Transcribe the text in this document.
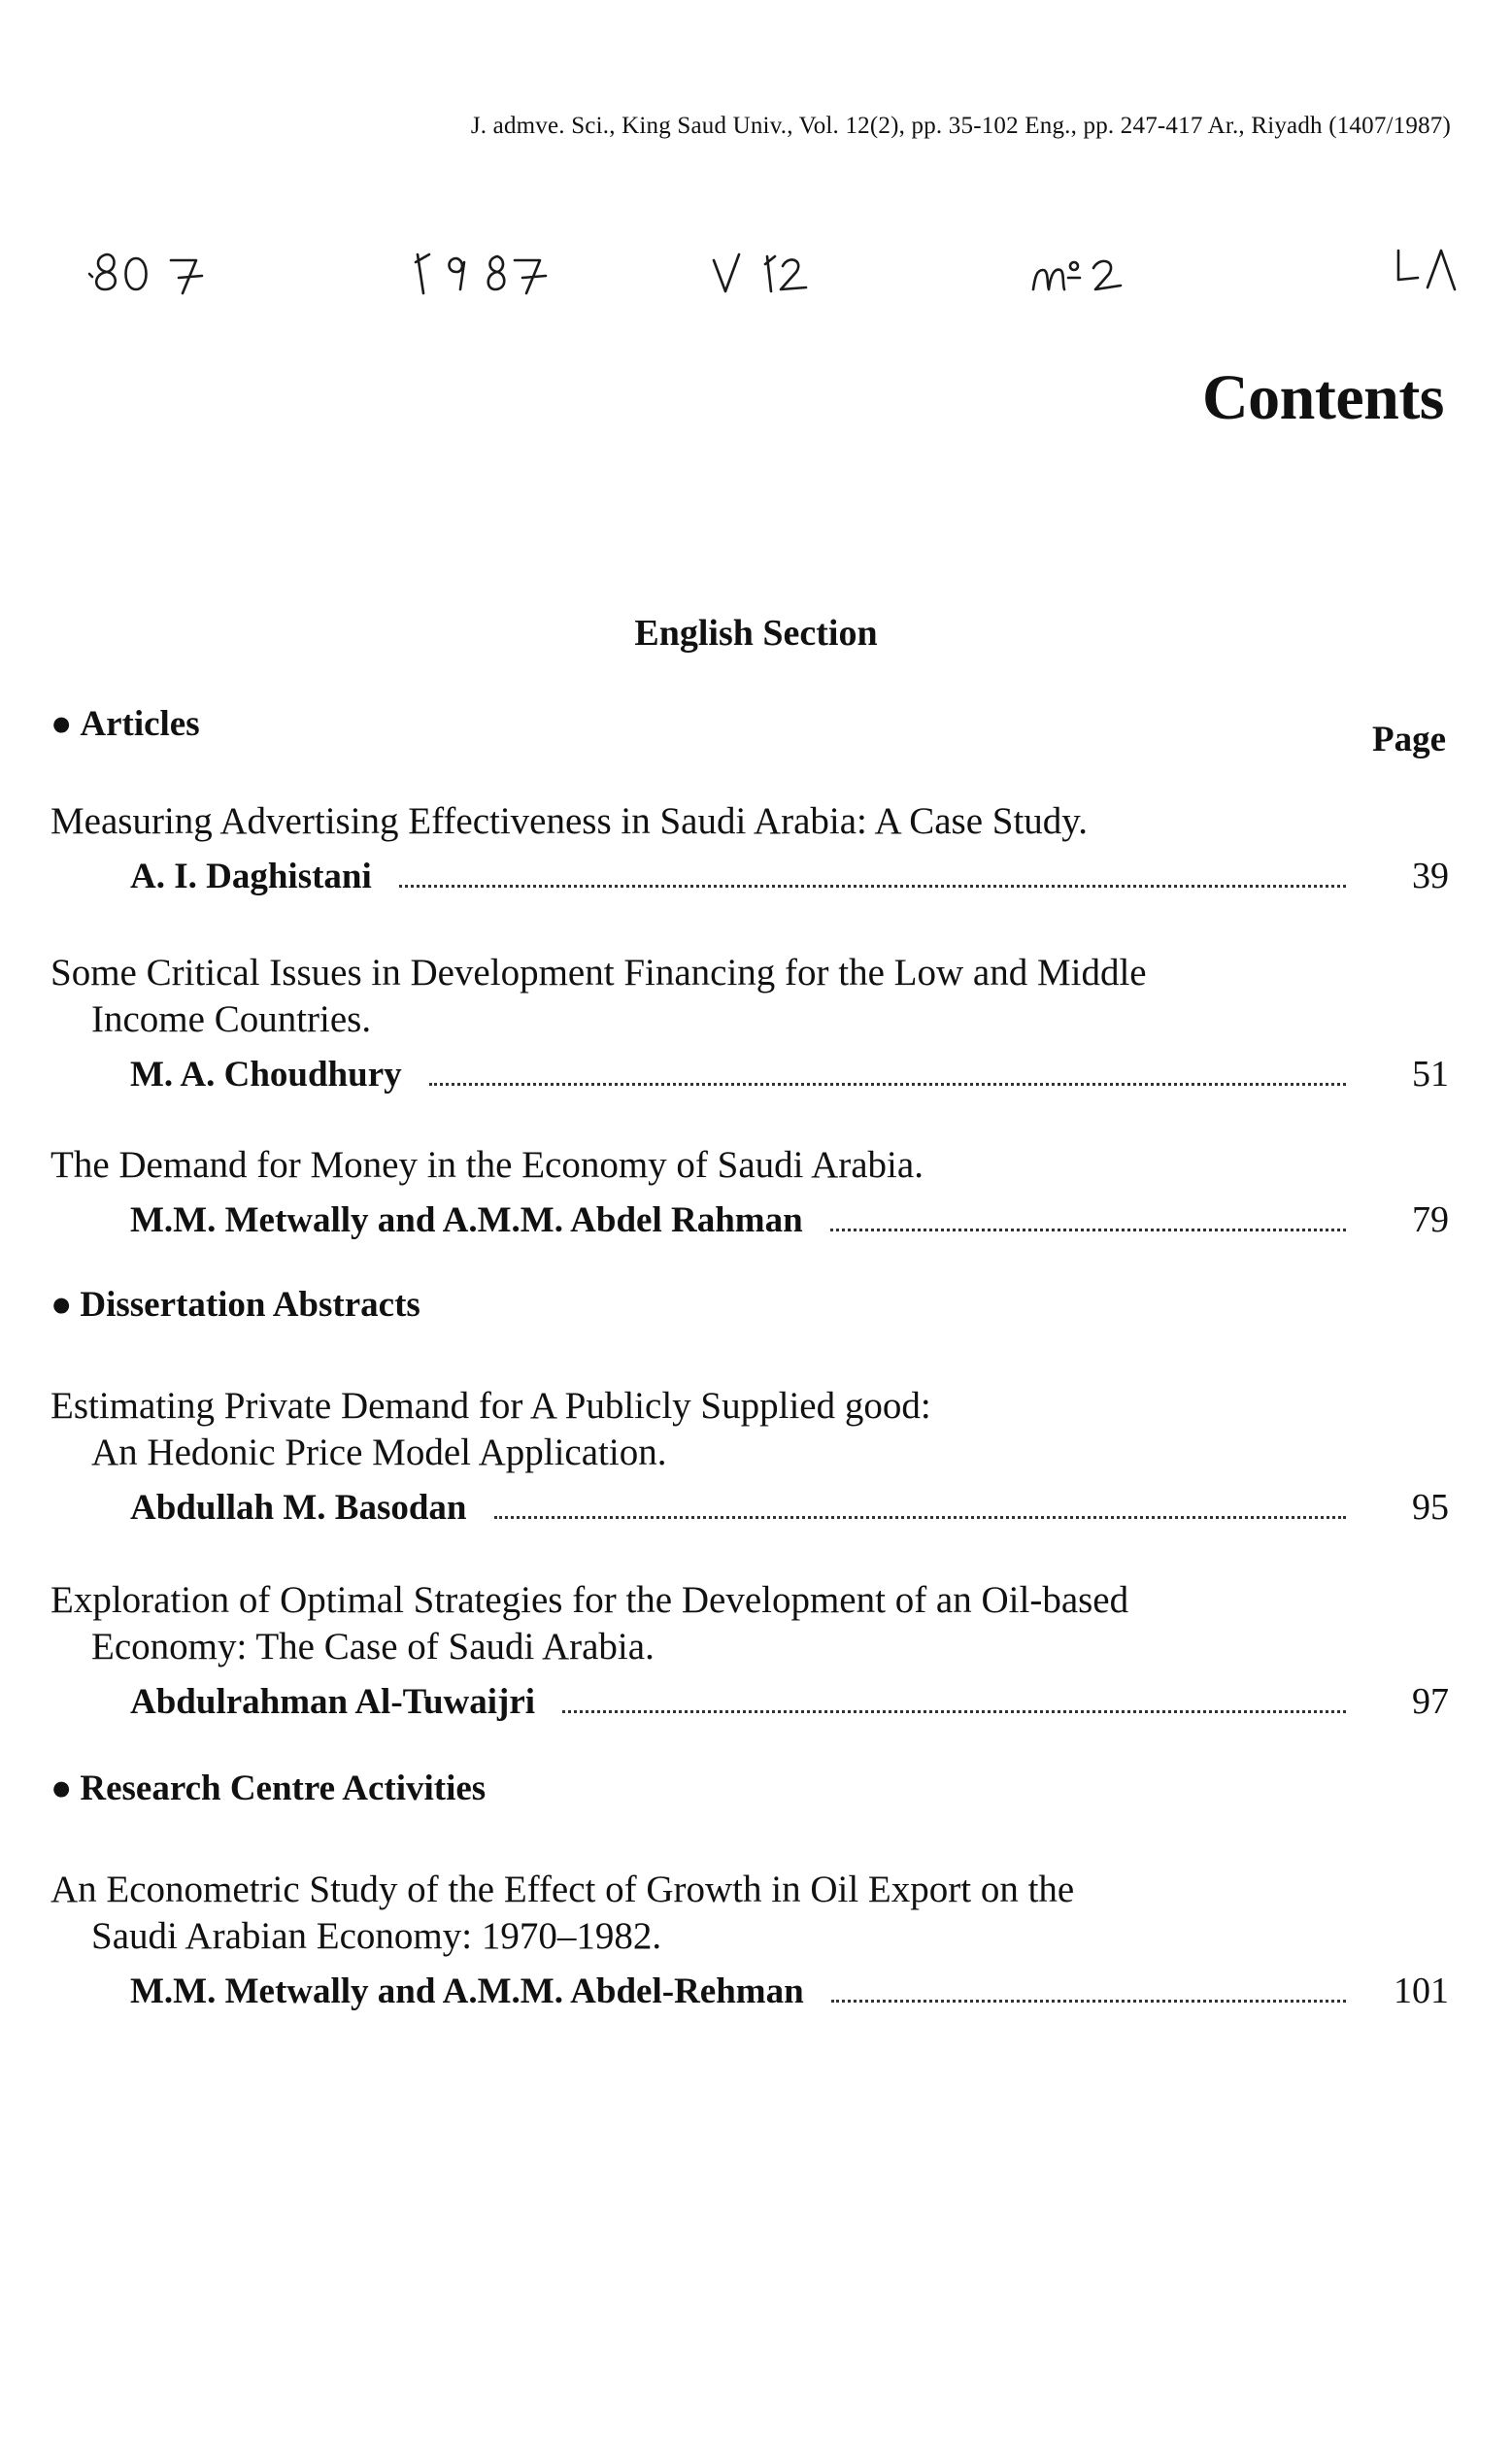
J. admve. Sci., King Saud Univ., Vol. 12(2), pp. 35-102 Eng., pp. 247-417 Ar., Riyadh (1407/1987)
Contents
English Section
Page
● Articles
Measuring Advertising Effectiveness in Saudi Arabia: A Case Study.
A. I. Daghistani	39
Some Critical Issues in Development Financing for the Low and Middle
Income Countries.
M. A. Choudhury	51
The Demand for Money in the Economy of Saudi Arabia.
M.M. Metwally and A.M.M. Abdel Rahman	79
● Dissertation Abstracts
Estimating Private Demand for A Publicly Supplied good:
An Hedonic Price Model Application.
Abdullah M. Basodan	95
Exploration of Optimal Strategies for the Development of an Oil-based
Economy: The Case of Saudi Arabia.
Abdulrahman Al-Tuwaijri	97
● Research Centre Activities
An Econometric Study of the Effect of Growth in Oil Export on the
Saudi Arabian Economy: 1970–1982.
M.M. Metwally and A.M.M. Abdel-Rehman	101
